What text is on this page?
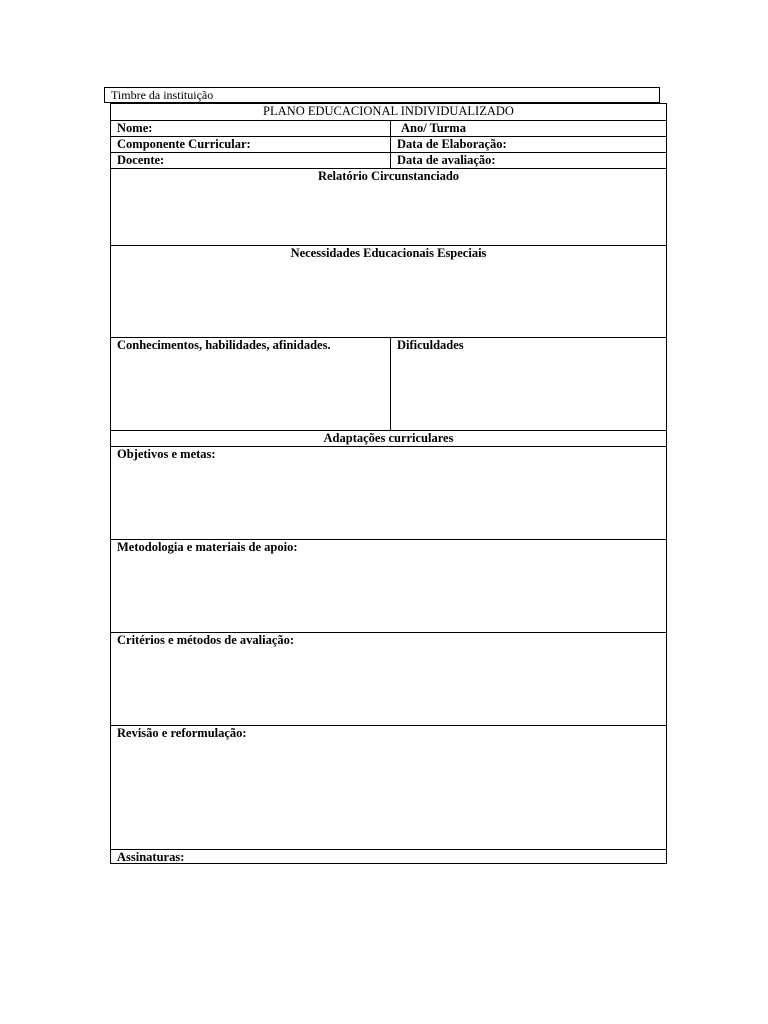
Timbre da instituição
PLANO EDUCACIONAL INDIVIDUALIZADO
Nome:	Ano/ Turma
Componente Curricular:	Data de Elaboração:
Docente:	Data de avaliação:
Relatório Circunstanciado
Necessidades Educacionais Especiais
Conhecimentos, habilidades, afinidades.	Dificuldades
Adaptações curriculares
Objetivos e metas:
Metodologia e materiais de apoio:
Critérios e métodos de avaliação:
Revisão e reformulação:
Assinaturas:
